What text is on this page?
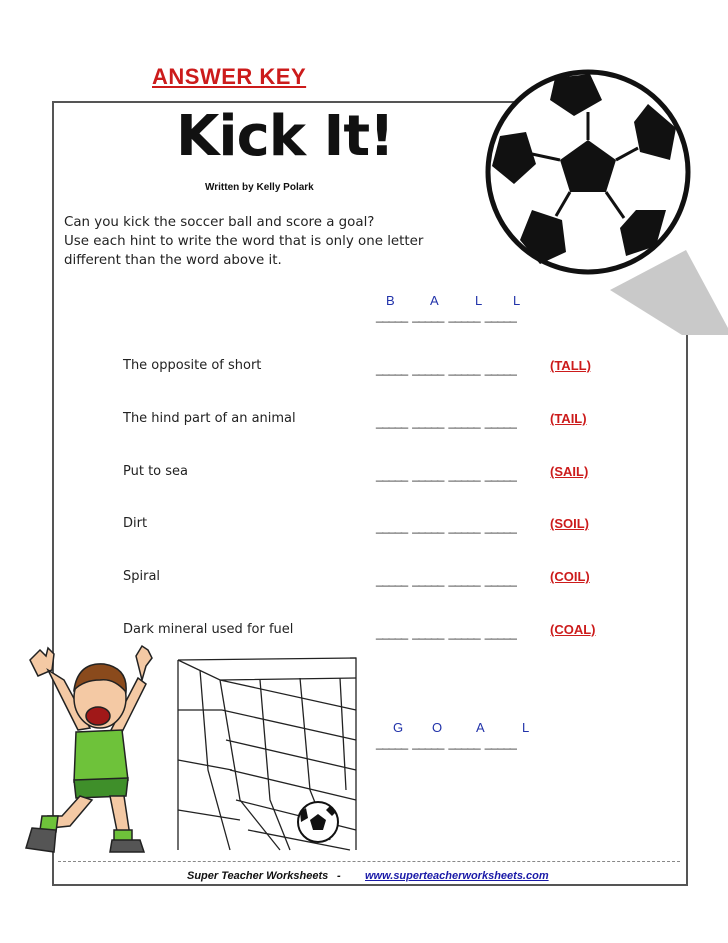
ANSWER KEY
Kick It!
Written by Kelly Polark
Can you kick the soccer ball and score a goal?
Use each hint to write the word that is only one letter
different than the word above it.
B	A	L L
_____ _____ _____ _____
The opposite of short	_____ _____ _____ _____	(TALL)
The hind part of an animal	_____ _____ _____ _____	(TAIL)
Put to sea	_____ _____ _____ _____	(SAIL)
Dirt	_____ _____ _____ _____	(SOIL)
Spiral	_____ _____ _____ _____	(COIL)
Dark mineral used for fuel	_____ _____ _____ _____	(COAL)
G O	A	L
_____ _____ _____ _____
Super Teacher Worksheets - www.superteacherworksheets.com
